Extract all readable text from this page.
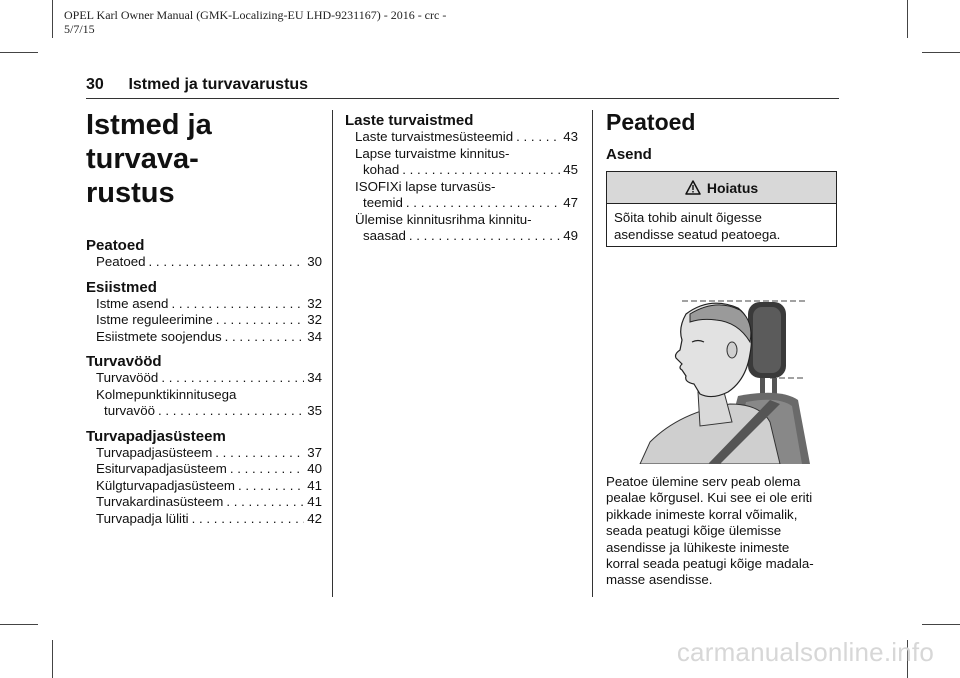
OPEL Karl Owner Manual (GMK-Localizing-EU LHD-9231167) - 2016 - crc -
5/7/15
30 Istmed ja turvavarustus
Istmed ja turvava-
rustus
Peatoed
Peatoed . . .	30
Esiistmed
Istme asend . . .	32
Istme reguleerimine . . .	32
Esiistmete soojendus . . .	34
Turvavööd
Turvavööd . . .	34
Kolmepunktikinnitusega
turvavöö . . .	35
Turvapadjasüsteem
Turvapadjasüsteem . . .	37
Esiturvapadjasüsteem . . .	40
Külgturvapadjasüsteem . . .	41
Turvakardinasüsteem . . .	41
Turvapadja lüliti . . .	42
Laste turvaistmed
Laste turvaistmesüsteemid . . .	43
Lapse turvaistme kinnitus-
kohad . . .	45
ISOFIXi lapse turvasüs-
teemid . . .	47
Ülemise kinnitusrihma kinnitu-
saasad . . .	49
Peatoed
Asend
Hoiatus
Sõita tohib ainult õigesse
asendisse seatud peatoega.
Peatoe ülemine serv peab olema
pealae kõrgusel. Kui see ei ole eriti
pikkade inimeste korral võimalik,
seada peatugi kõige ülemisse
asendisse ja lühikeste inimeste
korral seada peatugi kõige madala-
masse asendisse.
carmanualsonline.info
